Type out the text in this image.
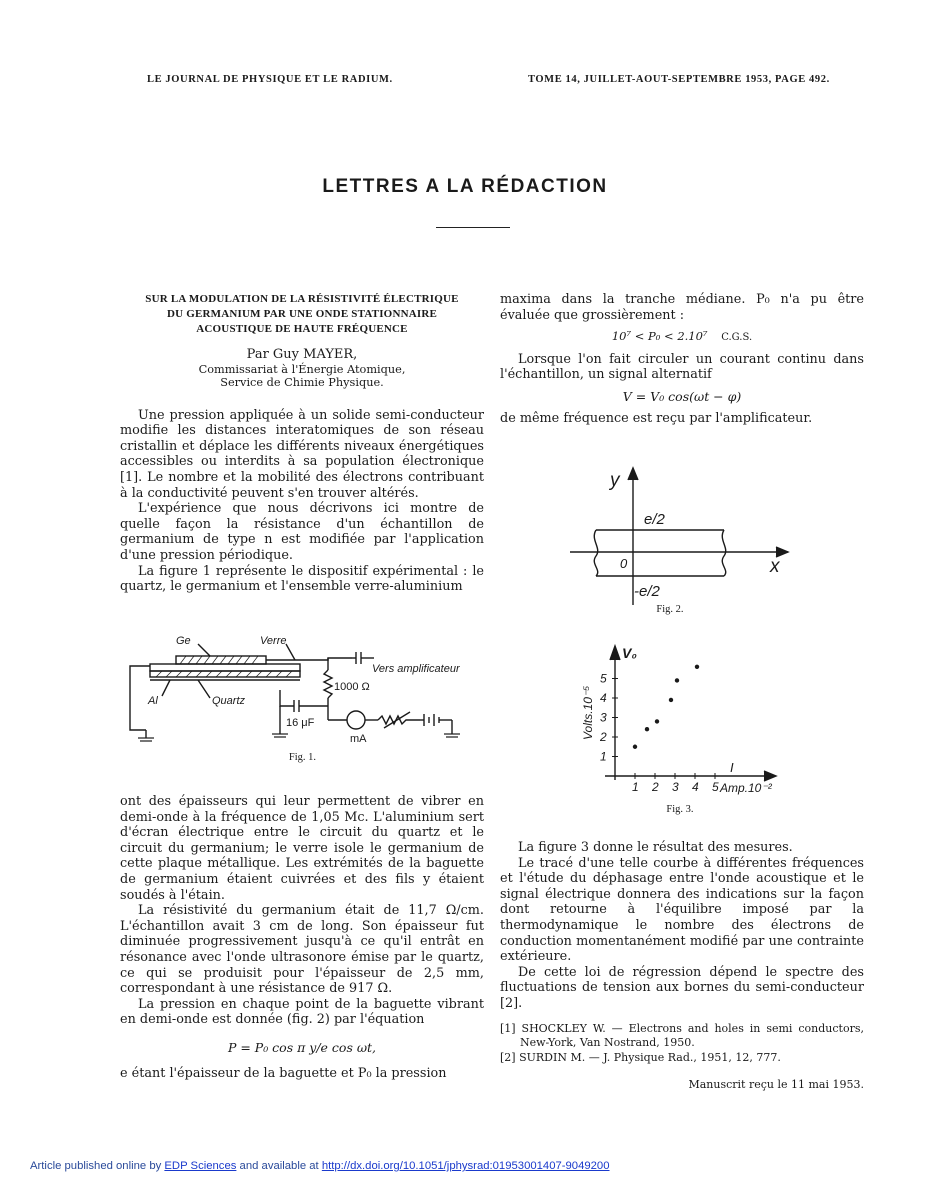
LE JOURNAL DE PHYSIQUE ET LE RADIUM.	TOME 14, JUILLET-AOUT-SEPTEMBRE 1953, PAGE 492.
LETTRES A LA RÉDACTION
SUR LA MODULATION DE LA RÉSISTIVITÉ ÉLECTRIQUE
DU GERMANIUM PAR UNE ONDE STATIONNAIRE
ACOUSTIQUE DE HAUTE FRÉQUENCE
Par Guy MAYER,
Commissariat à l'Énergie Atomique,
Service de Chimie Physique.

Une pression appliquée à un solide semi-conducteur modifie les distances interatomiques de son réseau cristallin et déplace les différents niveaux énergétiques accessibles ou interdits à sa population électronique [1]. Le nombre et la mobilité des électrons contribuant à la conductivité peuvent s'en trouver altérés.

L'expérience que nous décrivons ici montre de quelle façon la résistance d'un échantillon de germanium de type n est modifiée par l'application d'une pression périodique.

La figure 1 représente le dispositif expérimental : le quartz, le germanium et l'ensemble verre-aluminium

Ge	Verre
Vers amplificateur
Al	Quartz
1000 Ω
16 μF
mA
Fig. 1.

ont des épaisseurs qui leur permettent de vibrer en demi-onde à la fréquence de 1,05 Mc. L'aluminium sert d'écran électrique entre le circuit du quartz et le circuit du germanium; le verre isole le germanium de cette plaque métallique. Les extrémités de la baguette de germanium étaient cuivrées et des fils y étaient soudés à l'étain.

La résistivité du germanium était de 11,7 Ω/cm. L'échantillon avait 3 cm de long. Son épaisseur fut diminuée progressivement jusqu'à ce qu'il entrât en résonance avec l'onde ultrasonore émise par le quartz, ce qui se produisit pour l'épaisseur de 2,5 mm, correspondant à une résistance de 917 Ω.

La pression en chaque point de la baguette vibrant en demi-onde est donnée (fig. 2) par l'équation

P = P₀ cos π y/e cos ωt,

e étant l'épaisseur de la baguette et P₀ la pression

maxima dans la tranche médiane. P₀ n'a pu être évaluée que grossièrement :

10⁷ < P₀ < 2.10⁷ C.G.S.

Lorsque l'on fait circuler un courant continu dans l'échantillon, un signal alternatif

V = V₀ cos(ωt − φ)

de même fréquence est reçu par l'amplificateur.

y
x
0
e/2
-e/2
Fig. 2.
1 2 3 4 5
1
2
3
4
5
V₀
I
Amp.10⁻²
Volts.10⁻⁵
Fig. 3.

La figure 3 donne le résultat des mesures.

Le tracé d'une telle courbe à différentes fréquences et l'étude du déphasage entre l'onde acoustique et le signal électrique donnera des indications sur la façon dont retourne à l'équilibre imposé par la thermodynamique le nombre des électrons de conduction momentanément modifié par une contrainte extérieure.

De cette loi de régression dépend le spectre des fluctuations de tension aux bornes du semi-conducteur [2].

[1] SHOCKLEY W. — Electrons and holes in semi conductors, New-York, Van Nostrand, 1950.
[2] SURDIN M. — J. Physique Rad., 1951, 12, 777.
Manuscrit reçu le 11 mai 1953.
Article published online by EDP Sciences and available at http://dx.doi.org/10.1051/jphysrad:01953001407-9049200
